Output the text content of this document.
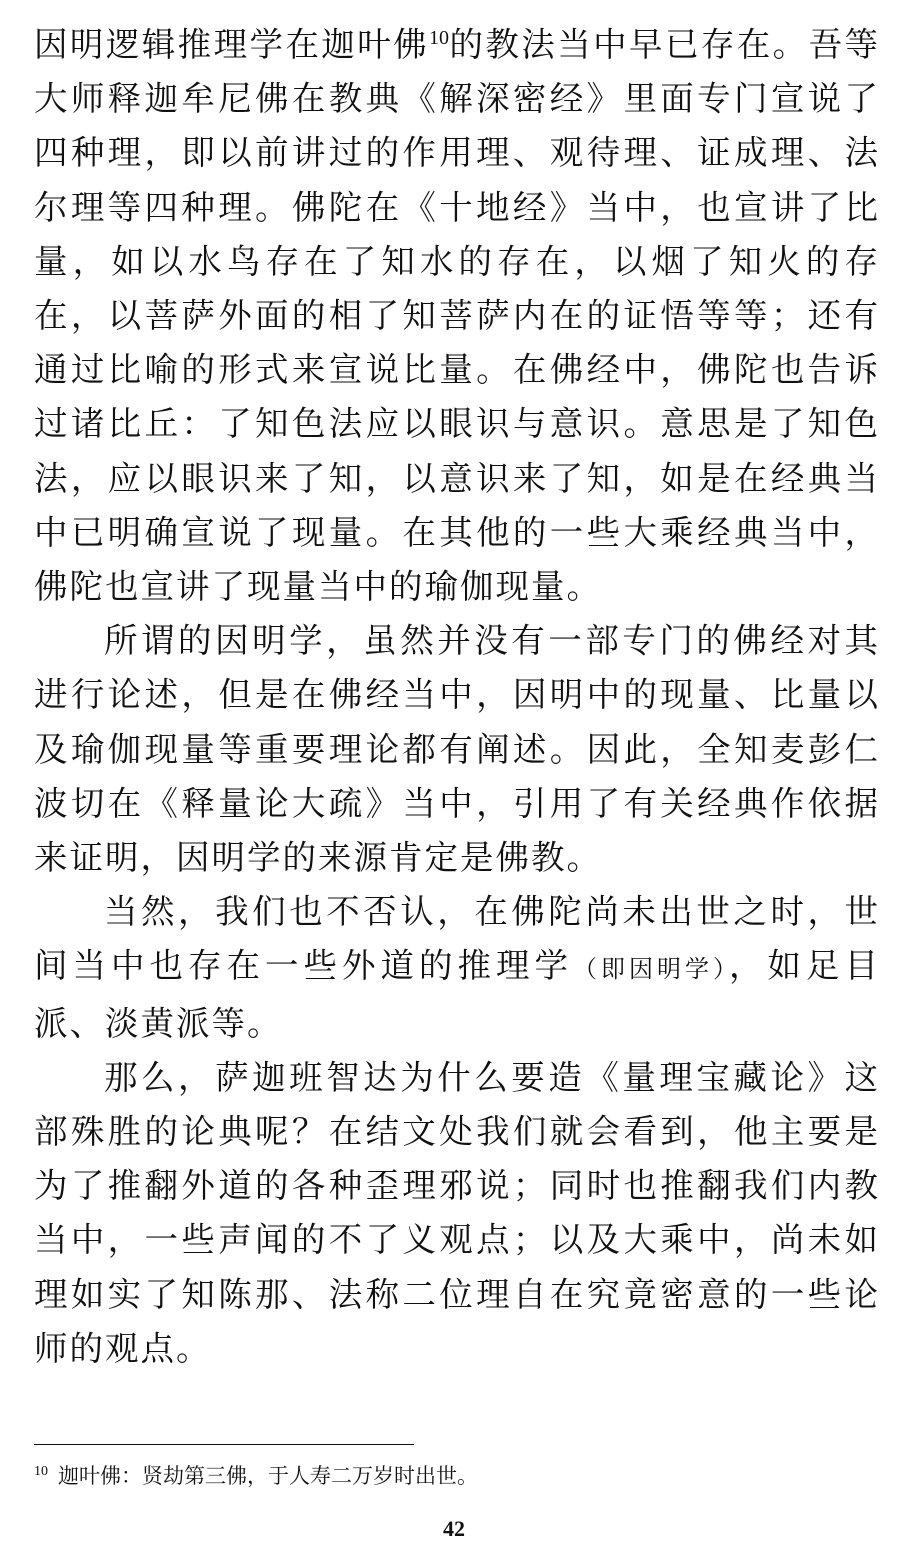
因明逻辑推理学在迦叶佛$^{10}$的教法当中早已存在。吾等大师释迦牟尼佛在教典《解深密经》里面专门宣说了四种理，即以前讲过的作用理、观待理、证成理、法尔理等四种理。佛陀在《十地经》当中，也宣讲了比量，如以水鸟存在了知水的存在，以烟了知火的存在，以菩萨外面的相了知菩萨内在的证悟等等；还有通过比喻的形式来宣说比量。在佛经中，佛陀也告诉过诸比丘：了知色法应以眼识与意识。意思是了知色法，应以眼识来了知，以意识来了知，如是在经典当中已明确宣说了现量。在其他的一些大乘经典当中，佛陀也宣讲了现量当中的瑜伽现量。

所谓的因明学，虽然并没有一部专门的佛经对其进行论述，但是在佛经当中，因明中的现量、比量以及瑜伽现量等重要理论都有阐述。因此，全知麦彭仁波切在《释量论大疏》当中，引用了有关经典作依据来证明，因明学的来源肯定是佛教。

当然，我们也不否认，在佛陀尚未出世之时，世间当中也存在一些外道的推理学（即因明学），如足目派、淡黄派等。

那么，萨迦班智达为什么要造《量理宝藏论》这部殊胜的论典呢？在结文处我们就会看到，他主要是为了推翻外道的各种歪理邪说；同时也推翻我们内教当中，一些声闻的不了义观点；以及大乘中，尚未如理如实了知陈那、法称二位理自在究竟密意的一些论师的观点。

$^{10}$ 迦叶佛：贤劫第三佛，于人寿二万岁时出世。
42
